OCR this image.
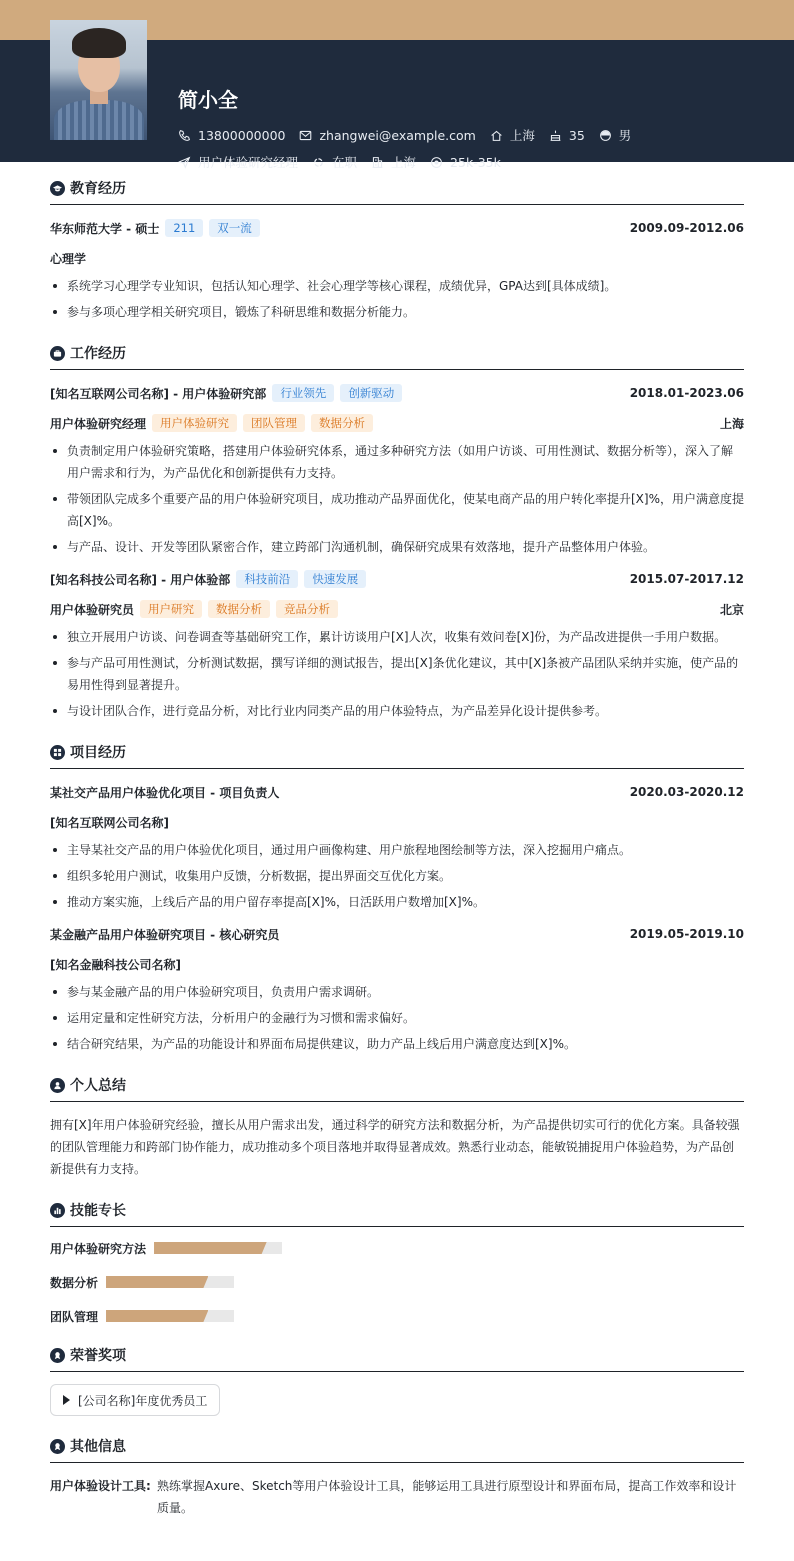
简小全
13800000000	zhangwei@example.com	上海	35	男
用户体验研究经理	在职	上海	25k-35k
教育经历
华东师范大学 - 硕士	211	双一流	2009.09-2012.06
心理学
系统学习心理学专业知识，包括认知心理学、社会心理学等核心课程，成绩优异，GPA达到[具体成绩]。
参与多项心理学相关研究项目，锻炼了科研思维和数据分析能力。
工作经历
[知名互联网公司名称] - 用户体验研究部	行业领先	创新驱动	2018.01-2023.06
用户体验研究经理	用户体验研究	团队管理	数据分析	上海
负责制定用户体验研究策略，搭建用户体验研究体系，通过多种研究方法（如用户访谈、可用性测试、数据分析等），深入了解用户需求和行为，为产品优化和创新提供有力支持。
带领团队完成多个重要产品的用户体验研究项目，成功推动产品界面优化，使某电商产品的用户转化率提升[X]%，用户满意度提高[X]%。
与产品、设计、开发等团队紧密合作，建立跨部门沟通机制，确保研究成果有效落地，提升产品整体用户体验。
[知名科技公司名称] - 用户体验部	科技前沿	快速发展	2015.07-2017.12
用户体验研究员	用户研究	数据分析	竞品分析	北京
独立开展用户访谈、问卷调查等基础研究工作，累计访谈用户[X]人次，收集有效问卷[X]份，为产品改进提供一手用户数据。
参与产品可用性测试，分析测试数据，撰写详细的测试报告，提出[X]条优化建议，其中[X]条被产品团队采纳并实施，使产品的易用性得到显著提升。
与设计团队合作，进行竞品分析，对比行业内同类产品的用户体验特点，为产品差异化设计提供参考。
项目经历
某社交产品用户体验优化项目 - 项目负责人	2020.03-2020.12
[知名互联网公司名称]
主导某社交产品的用户体验优化项目，通过用户画像构建、用户旅程地图绘制等方法，深入挖掘用户痛点。
组织多轮用户测试，收集用户反馈，分析数据，提出界面交互优化方案。
推动方案实施，上线后产品的用户留存率提高[X]%，日活跃用户数增加[X]%。
某金融产品用户体验研究项目 - 核心研究员	2019.05-2019.10
[知名金融科技公司名称]
参与某金融产品的用户体验研究项目，负责用户需求调研。
运用定量和定性研究方法，分析用户的金融行为习惯和需求偏好。
结合研究结果，为产品的功能设计和界面布局提供建议，助力产品上线后用户满意度达到[X]%。
个人总结

拥有[X]年用户体验研究经验，擅长从用户需求出发，通过科学的研究方法和数据分析，为产品提供切实可行的优化方案。具备较强的团队管理能力和跨部门协作能力，成功推动多个项目落地并取得显著成效。熟悉行业动态，能敏锐捕捉用户体验趋势，为产品创新提供有力支持。

技能专长
用户体验研究方法
数据分析
团队管理
荣誉奖项
[公司名称]年度优秀员工
其他信息
用户体验设计工具: 熟练掌握Axure、Sketch等用户体验设计工具，能够运用工具进行原型设计和界面布局，提高工作效率和设计质量。
